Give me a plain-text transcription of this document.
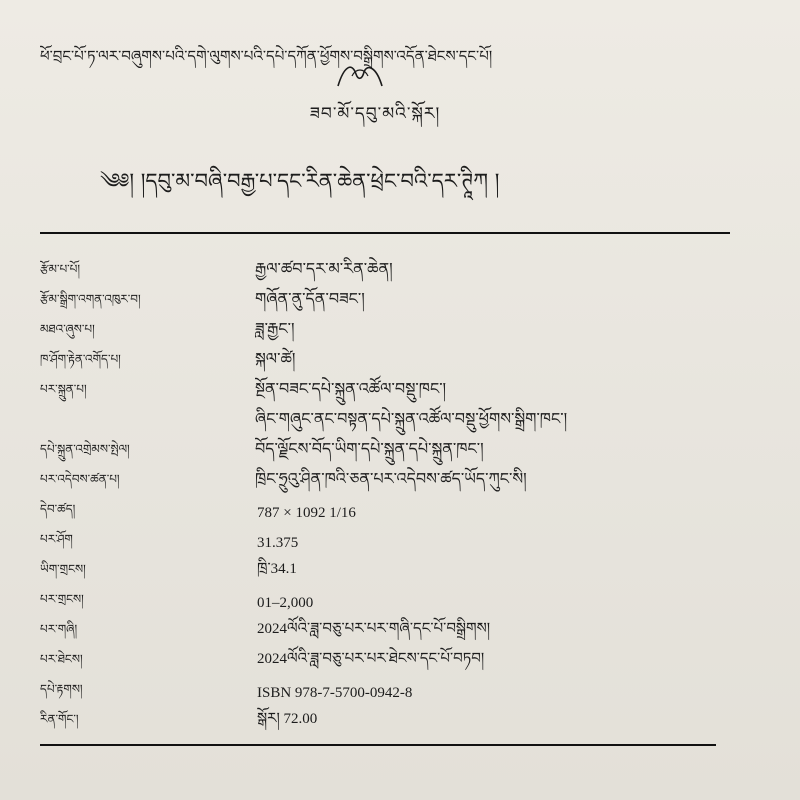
ཕོ་བྲང་པོ་ཏ་ལར་བཞུགས་པའི་དགེ་ལུགས་པའི་དཔེ་དཀོན་ཕྱོགས་བསྒྲིགས་འདོན་ཐེངས་དང་པོ།
ཟབ་མོ་དབུ་མའི་སྐོར།
༄༅། །དབུ་མ་བཞི་བརྒྱ་པ་དང་རིན་ཆེན་ཕྲེང་བའི་དར་ཊཱིཀ །
རྩོམ་པ་པོ།	རྒྱལ་ཚབ་དར་མ་རིན་ཆེན།
རྩོམ་སྒྲིག་འགན་འཁུར་བ།	གཞོན་ནུ་དོན་བཟང་།
མཐའ་ཞུས་པ།	ཟླ་རྒྱང་།
ཁ་ཤོག་རྟེན་འགོད་པ།	སྐལ་ཚེ།
པར་སྐྲུན་པ།	སྔོན་བཟང་དཔེ་སྐྲུན་འཚོལ་བསྡུ་ཁང་།
ཞིང་གཞུང་ནང་བསྟན་དཔེ་སྐྲུན་འཚོལ་བསྡུ་ཕྱོགས་སྒྲིག་ཁང་།
དཔེ་སྐྲུན་འགྲེམས་སྤེལ།	བོད་ལྗོངས་བོད་ཡིག་དཔེ་སྐྲུན་དཔེ་སྐྲུན་ཁང་།
པར་འདེབས་ཚན་པ།	ཁྲིང་ཧྲུའུ་ཤིན་ཁའི་ཅན་པར་འདེབས་ཚད་ཡོད་ཀུང་སི།
དེབ་ཚད།	787 × 1092 1/16
པར་ཤོག	31.375
ཡིག་གྲངས།	ཁྲི་34.1
པར་གྲངས།	01–2,000
པར་གཞི།	2024ལོའི་ཟླ་བཅུ་པར་པར་གཞི་དང་པོ་བསྒྲིགས།
པར་ཐེངས།	2024ལོའི་ཟླ་བཅུ་པར་པར་ཐེངས་དང་པོ་བཏབ།
དཔེ་རྟགས།	ISBN 978-7-5700-0942-8
རིན་གོང་།	སྒོར། 72.00
